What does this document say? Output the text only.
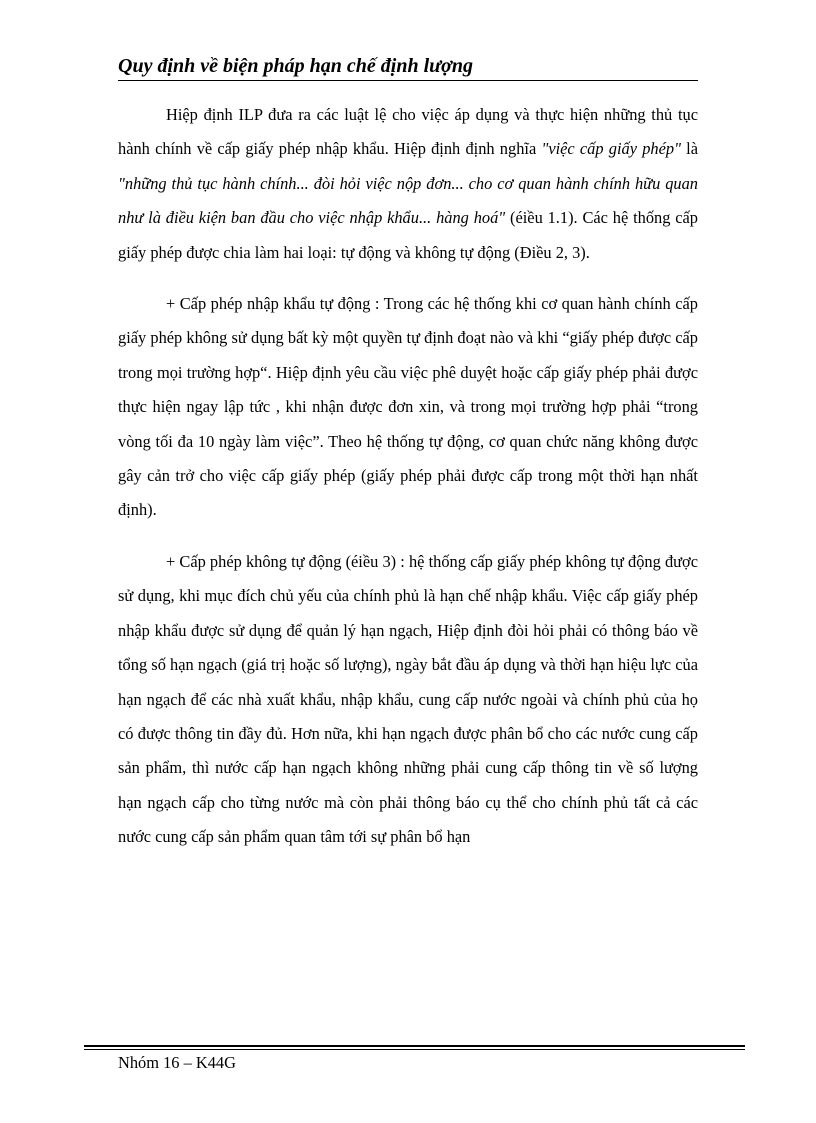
Quy định về biện pháp hạn chế định lượng

Hiệp định ILP đưa ra các luật lệ cho việc áp dụng và thực hiện những thủ tục hành chính về cấp giấy phép nhập khẩu. Hiệp định định nghĩa "việc cấp giấy phép" là "những thủ tục hành chính... đòi hỏi việc nộp đơn... cho cơ quan hành chính hữu quan như là điều kiện ban đầu cho việc nhập khẩu... hàng hoá" (éiều 1.1). Các hệ thống cấp giấy phép được chia làm hai loại: tự động và không tự động (Điều 2, 3).

+ Cấp phép nhập khẩu tự động : Trong các hệ thống khi cơ quan hành chính cấp giấy phép không sử dụng bất kỳ một quyền tự định đoạt nào và khi “giấy phép được cấp trong mọi trường hợp“. Hiệp định yêu cầu việc phê duyệt hoặc cấp giấy phép phải được thực hiện ngay lập tức , khi nhận được đơn xin, và trong mọi trường hợp phải “trong vòng tối đa 10 ngày làm việc”. Theo hệ thống tự động, cơ quan chức năng không được gây cản trở cho việc cấp giấy phép (giấy phép phải được cấp trong một thời hạn nhất định).

+ Cấp phép không tự động (éiều 3) : hệ thống cấp giấy phép không tự động được sử dụng, khi mục đích chủ yếu của chính phủ là hạn chế nhập khẩu. Việc cấp giấy phép nhập khẩu được sử dụng để quản lý hạn ngạch, Hiệp định đòi hỏi phải có thông báo về tổng số hạn ngạch (giá trị hoặc số lượng), ngày bắt đầu áp dụng và thời hạn hiệu lực của hạn ngạch để các nhà xuất khẩu, nhập khẩu, cung cấp nước ngoài và chính phủ của họ có được thông tin đầy đủ. Hơn nữa, khi hạn ngạch được phân bổ cho các nước cung cấp sản phẩm, thì nước cấp hạn ngạch không những phải cung cấp thông tin về số lượng hạn ngạch cấp cho từng nước mà còn phải thông báo cụ thể cho chính phủ tất cả các nước cung cấp sản phẩm quan tâm tới sự phân bổ hạn

Nhóm 16 – K44G
